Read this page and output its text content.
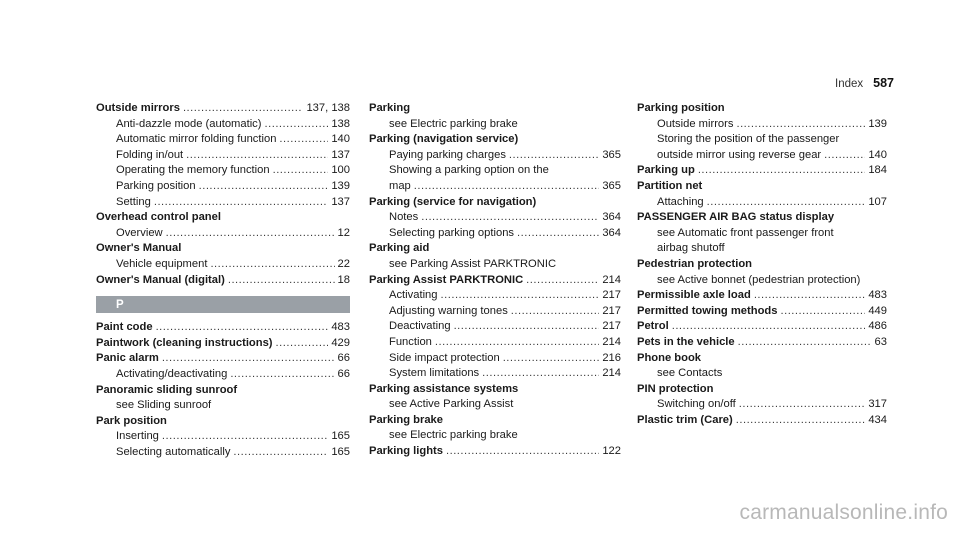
Index 587
Outside mirrors .....	137, 138
Anti-dazzle mode (automatic) .....	138
Automatic mirror folding function .....	140
Folding in/out .....	137
Operating the memory function .....	100
Parking position .....	139
Setting .....	137
Overhead control panel
Overview .....	12
Owner's Manual
Vehicle equipment .....	22
Owner's Manual (digital) .....	18
P
Paint code .....	483
Paintwork (cleaning instructions) .....	429
Panic alarm .....	66
Activating/deactivating .....	66
Panoramic sliding sunroof
see Sliding sunroof
Park position
Inserting .....	165
Selecting automatically .....	165
Parking
see Electric parking brake
Parking (navigation service)
Paying parking charges .....	365
Showing a parking option on the
map .....	365
Parking (service for navigation)
Notes .....	364
Selecting parking options .....	364
Parking aid
see Parking Assist PARKTRONIC
Parking Assist PARKTRONIC .....	214
Activating .....	217
Adjusting warning tones .....	217
Deactivating .....	217
Function .....	214
Side impact protection .....	216
System limitations .....	214
Parking assistance systems
see Active Parking Assist
Parking brake
see Electric parking brake
Parking lights .....	122
Parking position
Outside mirrors .....	139
Storing the position of the passenger
outside mirror using reverse gear .....	140
Parking up .....	184
Partition net
Attaching .....	107
PASSENGER AIR BAG status display
see Automatic front passenger front
airbag shutoff
Pedestrian protection
see Active bonnet (pedestrian protection)
Permissible axle load .....	483
Permitted towing methods .....	449
Petrol .....	486
Pets in the vehicle .....	63
Phone book
see Contacts
PIN protection
Switching on/off .....	317
Plastic trim (Care) .....	434
carmanualsonline.info
